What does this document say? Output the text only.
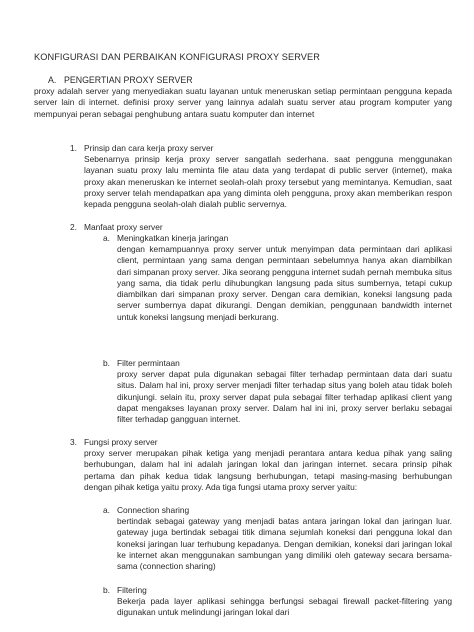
KONFIGURASI DAN PERBAIKAN KONFIGURASI PROXY SERVER
A. PENGERTIAN PROXY SERVER

proxy adalah server yang menyediakan suatu layanan untuk meneruskan setiap permintaan pengguna kepada server lain di internet. definisi proxy server yang lainnya adalah suatu server atau program komputer yang mempunyai peran sebagai penghubung antara suatu komputer dan internet

1. Prinsip dan cara kerja proxy server

Sebenarnya prinsip kerja proxy server sangatlah sederhana. saat pengguna menggunakan layanan suatu proxy lalu meminta file atau data yang terdapat di public server (internet), maka proxy akan meneruskan ke internet seolah-olah proxy tersebut yang memintanya. Kemudian, saat proxy server telah mendapatkan apa yang diminta oleh pengguna, proxy akan memberikan respon kepada pengguna seolah-olah dialah public servernya.

2. Manfaat proxy server
a. Meningkatkan kinerja jaringan

dengan kemampuannya proxy server untuk menyimpan data permintaan dari aplikasi client, permintaan yang sama dengan permintaan sebelumnya hanya akan diambilkan dari simpanan proxy server. Jika seorang pengguna internet sudah pernah membuka situs yang sama, dia tidak perlu dihubungkan langsung pada situs sumbernya, tetapi cukup diambilkan dari simpanan proxy server. Dengan cara demikian, koneksi langsung pada server sumbernya dapat dikurangi. Dengan demikian, penggunaan bandwidth internet untuk koneksi langsung menjadi berkurang.

b. Filter permintaan

proxy server dapat pula digunakan sebagai filter terhadap permintaan data dari suatu situs. Dalam hal ini, proxy server menjadi filter terhadap situs yang boleh atau tidak boleh dikunjungi. selain itu, proxy server dapat pula sebagai filter terhadap aplikasi client yang dapat mengakses layanan proxy server. Dalam hal ini ini, proxy server berlaku sebagai filter terhadap gangguan internet.

3. Fungsi proxy server

proxy server merupakan pihak ketiga yang menjadi perantara antara kedua pihak yang saling berhubungan, dalam hal ini adalah jaringan lokal dan jaringan internet. secara prinsip pihak pertama dan pihak kedua tidak langsung berhubungan, tetapi masing-masing berhubungan dengan pihak ketiga yaitu proxy. Ada tiga fungsi utama proxy server yaitu:

a. Connection sharing

bertindak sebagai gateway yang menjadi batas antara jaringan lokal dan jaringan luar. gateway juga bertindak sebagai titik dimana sejumlah koneksi dari pengguna lokal dan koneksi jaringan luar terhubung kepadanya. Dengan demikian, koneksi dari jaringan lokal ke internet akan menggunakan sambungan yang dimiliki oleh gateway secara bersama-sama (connection sharing)

b. Filtering

Bekerja pada layer aplikasi sehingga berfungsi sebagai firewall packet-filtering yang digunakan untuk melindungi jaringan lokal dari
